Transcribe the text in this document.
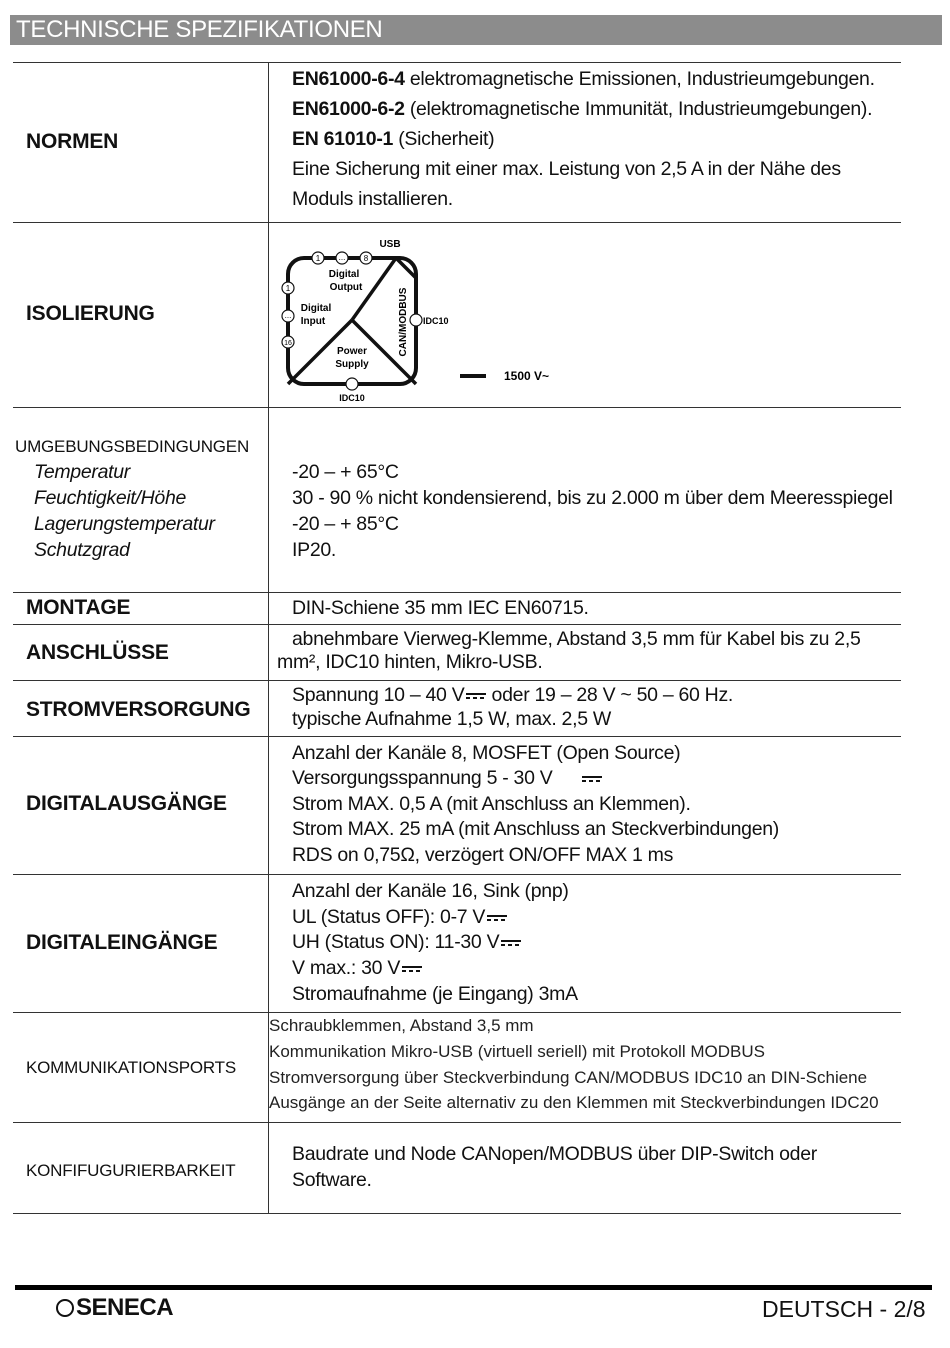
TECHNISCHE SPEZIFIKATIONEN
NORMEN
EN61000-6-4 elektromagnetische Emissionen, Industrieumgebungen.
EN61000-6-2 (elektromagnetische Immunität, Industrieumgebungen).
EN 61010-1 (Sicherheit)
Eine Sicherung mit einer max. Leistung von 2,5 A in der Nähe des
Moduls installieren.
ISOLIERUNG
1 ... 8
1
...
16
USB
Digital
Output
Digital
Input
Power
Supply
CAN/MODBUS IDC10
IDC10
1500 V~
UMGEBUNGSBEDINGUNGEN
Temperatur
Feuchtigkeit/Höhe
Lagerungstemperatur
Schutzgrad
-20 – + 65°C
30 - 90 % nicht kondensierend, bis zu 2.000 m über dem Meeresspiegel
-20 – + 85°C
IP20.
MONTAGE	DIN-Schiene 35 mm IEC EN60715.
ANSCHLÜSSE
abnehmbare Vierweg-Klemme, Abstand 3,5 mm für Kabel bis zu 2,5
mm², IDC10 hinten, Mikro-USB.
STROMVERSORGUNG
Spannung 10 – 40 V oder 19 – 28 V ~ 50 – 60 Hz.
typische Aufnahme 1,5 W, max. 2,5 W
DIGITALAUSGÄNGE
Anzahl der Kanäle 8, MOSFET (Open Source)
Versorgungsspannung 5 - 30 V
Strom MAX. 0,5 A (mit Anschluss an Klemmen).
Strom MAX. 25 mA (mit Anschluss an Steckverbindungen)
RDS on 0,75Ω, verzögert ON/OFF MAX 1 ms
DIGITALEINGÄNGE
Anzahl der Kanäle 16, Sink (pnp)
UL (Status OFF): 0-7 V
UH (Status ON): 11-30 V
V max.: 30 V
Stromaufnahme (je Eingang) 3mA
KOMMUNIKATIONSPORTS
Schraubklemmen, Abstand 3,5 mm
Kommunikation Mikro-USB (virtuell seriell) mit Protokoll MODBUS
Stromversorgung über Steckverbindung CAN/MODBUS IDC10 an DIN-Schiene
Ausgänge an der Seite alternativ zu den Klemmen mit Steckverbindungen IDC20
KONFIFUGURIERBARKEIT
Baudrate und Node CANopen/MODBUS über DIP-Switch oder
Software.
SENECA	DEUTSCH - 2/8
